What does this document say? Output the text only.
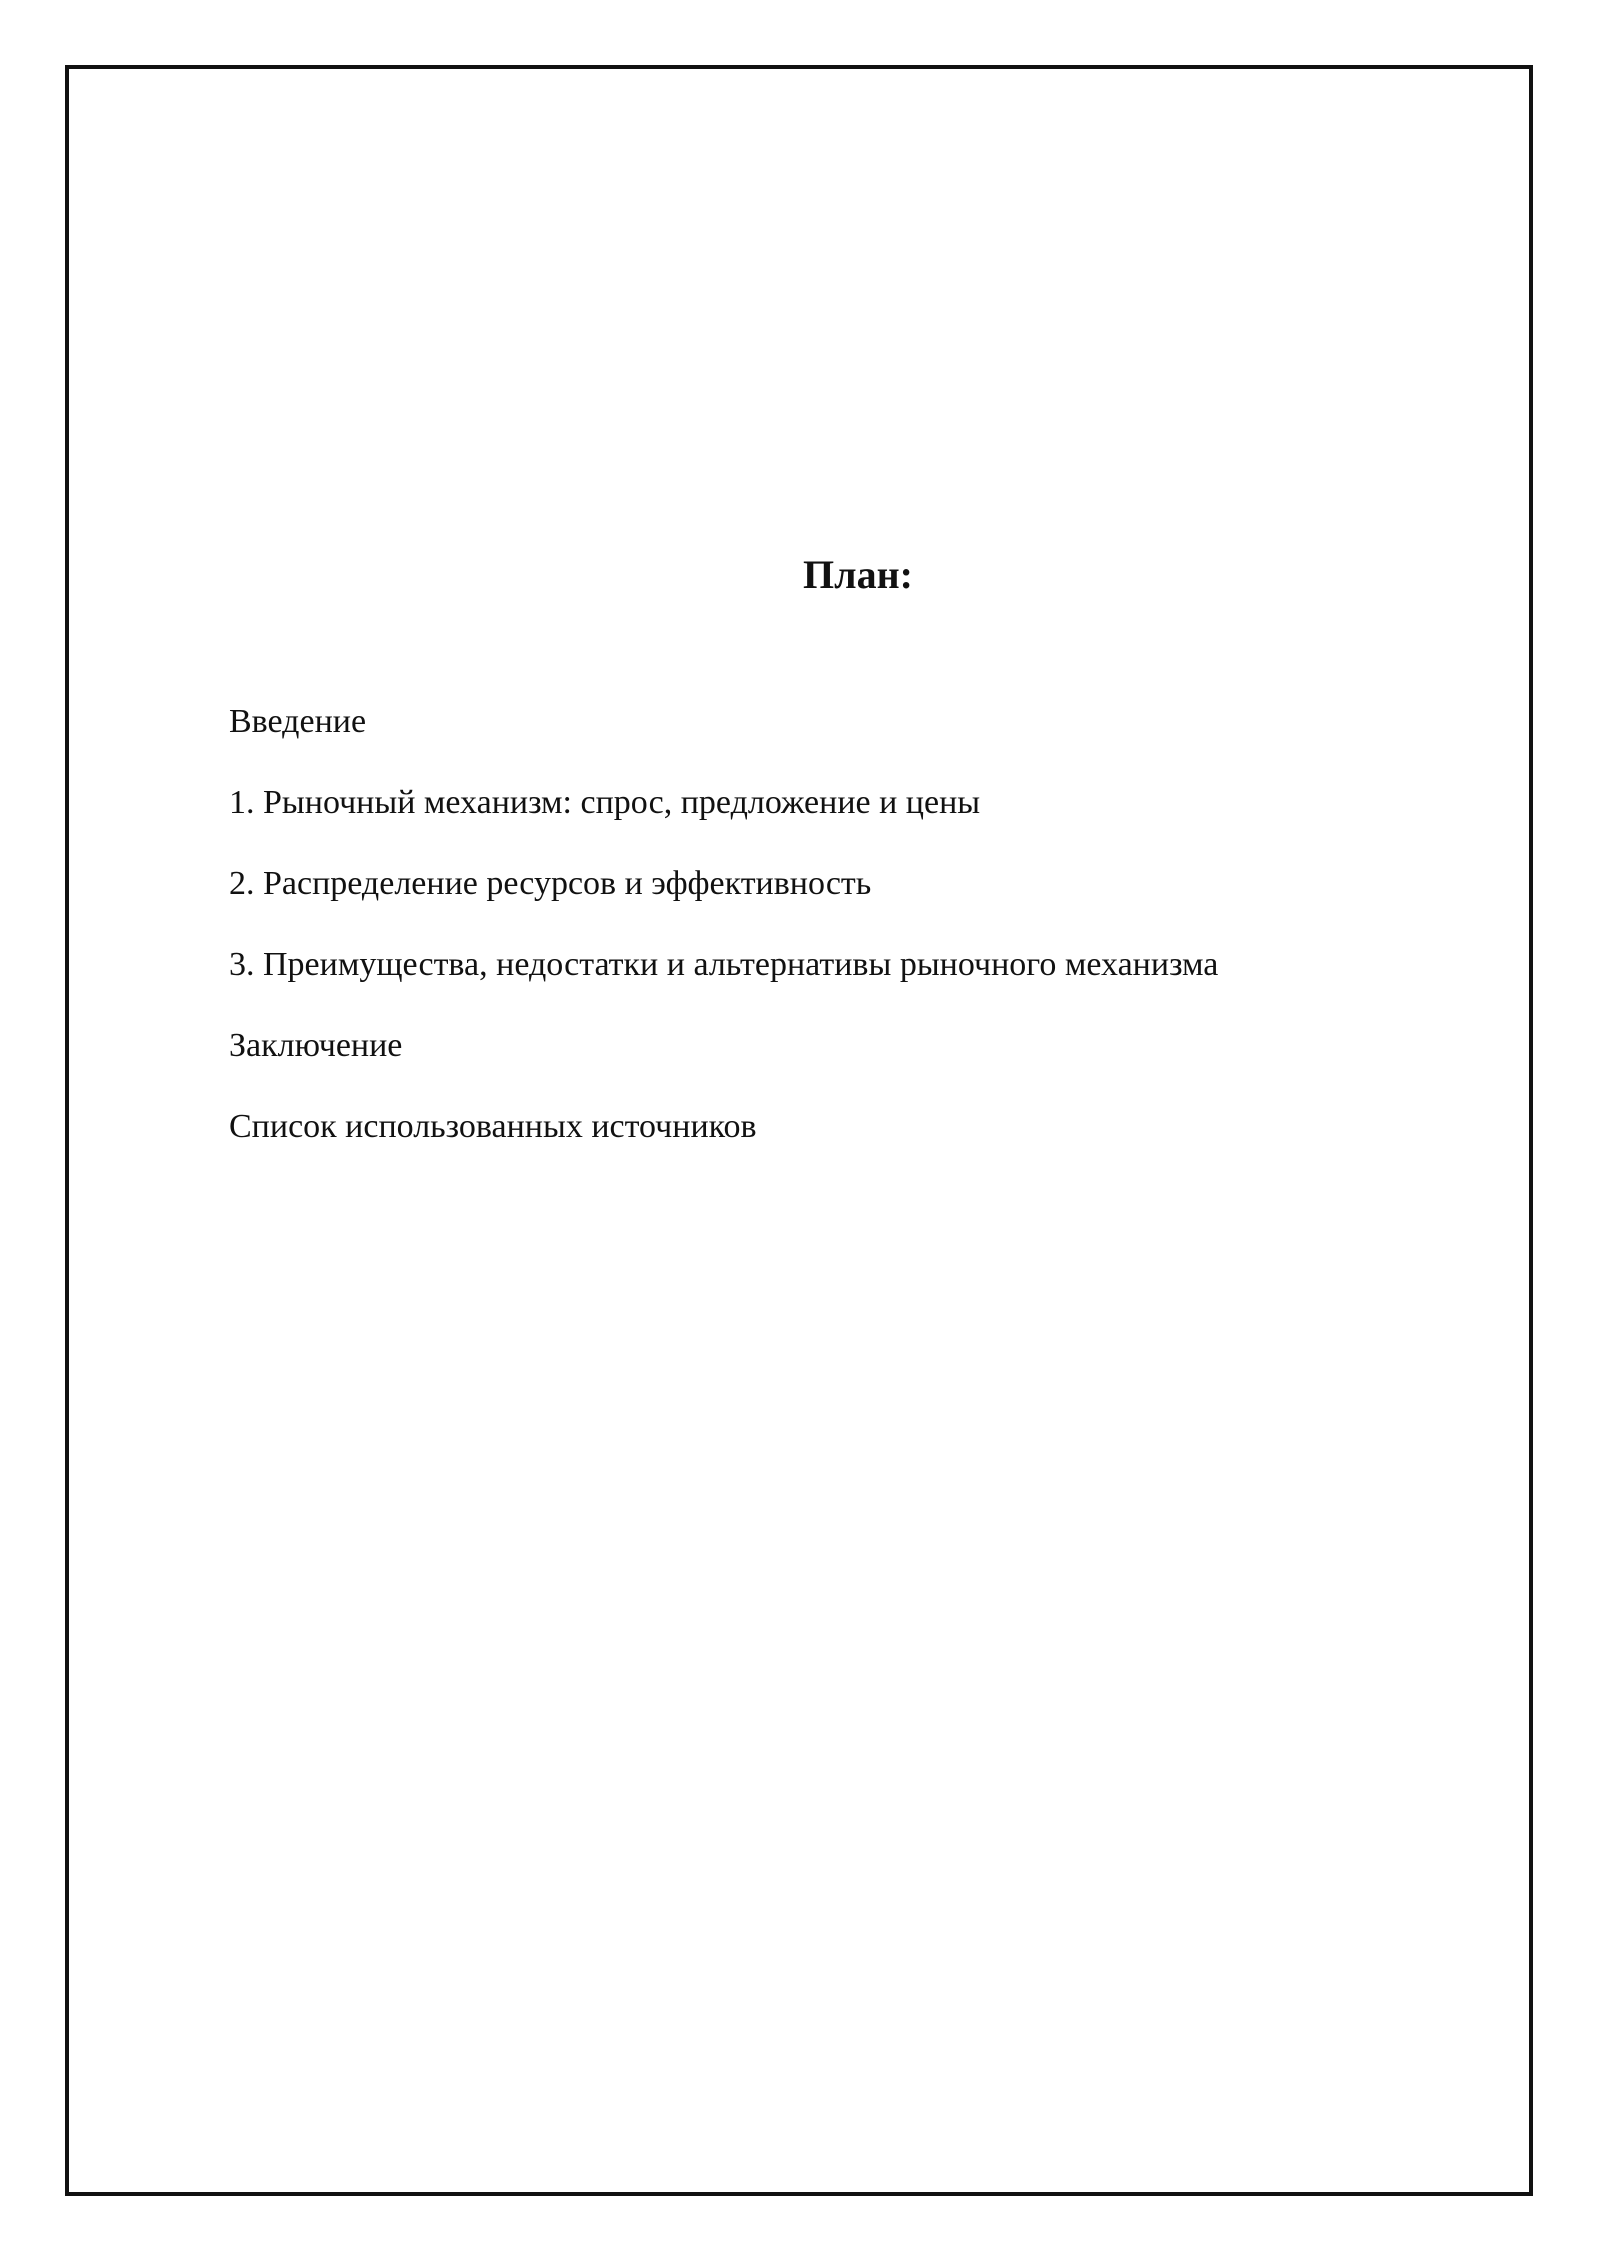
План:
Введение
1. Рыночный механизм: спрос, предложение и цены
2. Распределение ресурсов и эффективность
3. Преимущества, недостатки и альтернативы рыночного механизма
Заключение
Список использованных источников
